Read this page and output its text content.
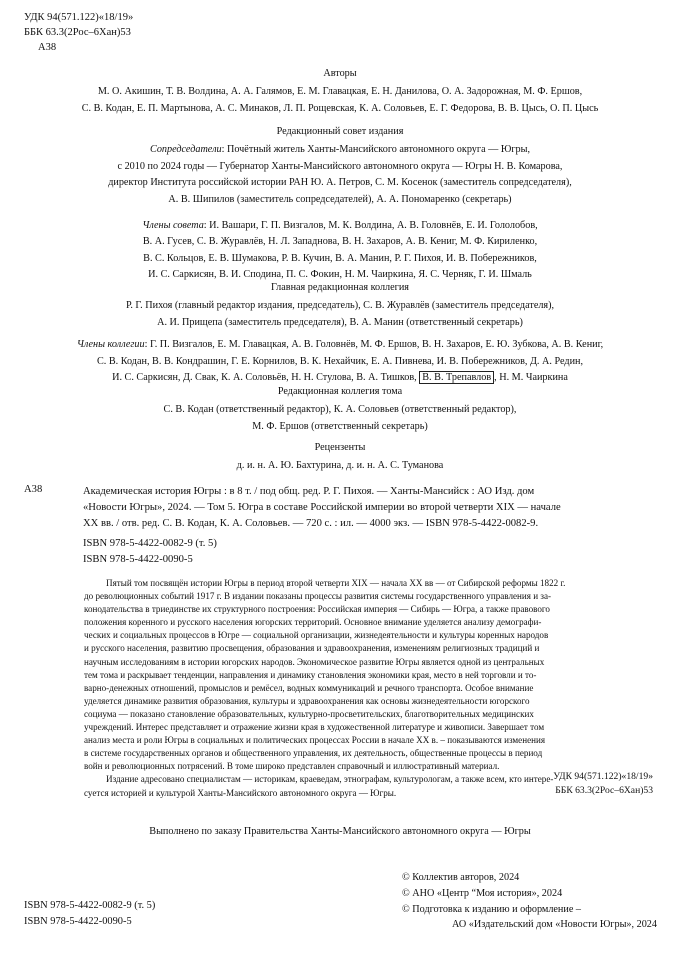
УДК 94(571.122)«18/19»
ББК 63.3(2Рос–6Хан)53
А38
Авторы
М. О. Акишин, Т. В. Волдина, А. А. Галямов, Е. М. Главацкая, Е. Н. Данилова, О. А. Задорожная, М. Ф. Ершов,
С. В. Кодан, Е. П. Мартынова, А. С. Минаков, Л. П. Рощевская, К. А. Соловьев, Е. Г. Федорова, В. В. Цысь, О. П. Цысь
Редакционный совет издания
Сопредседатели: Почётный житель Ханты-Мансийского автономного округа — Югры,
с 2010 по 2024 годы — Губернатор Ханты-Мансийского автономного округа — Югры Н. В. Комарова,
директор Института российской истории РАН Ю. А. Петров, С. М. Косенок (заместитель сопредседателя),
А. В. Шипилов (заместитель сопредседателей), А. А. Пономаренко (секретарь)
Члены совета: И. Вашари, Г. П. Визгалов, М. К. Волдина, А. В. Головнёв, Е. И. Гололобов,
В. А. Гусев, С. В. Журавлёв, Н. Л. Западнова, В. Н. Захаров, А. В. Кениг, М. Ф. Кириленко,
В. С. Кольцов, Е. В. Шумакова, Р. В. Кучин, В. А. Манин, Р. Г. Пихоя, И. В. Побережников,
И. С. Саркисян, В. И. Сподина, П. С. Фокин, Н. М. Чаиркина, Я. С. Черняк, Г. И. Шмаль
Главная редакционная коллегия
Р. Г. Пихоя (главный редактор издания, председатель), С. В. Журавлёв (заместитель председателя),
А. И. Прищепа (заместитель председателя), В. А. Манин (ответственный секретарь)
Члены коллегии: Г. П. Визгалов, Е. М. Главацкая, А. В. Головнёв, М. Ф. Ершов, В. Н. Захаров, Е. Ю. Зубкова, А. В. Кениг,
С. В. Кодан, В. В. Кондрашин, Г. Е. Корнилов, В. К. Нехайчик, Е. А. Пивнева, И. В. Побережников, Д. А. Редин,
И. С. Саркисян, Д. Свак, К. А. Соловьёв, Н. Н. Стулова, В. А. Тишков, В. В. Трепавлов , Н. М. Чаиркина
Редакционная коллегия тома
С. В. Кодан (ответственный редактор), К. А. Соловьев (ответственный редактор),
М. Ф. Ершов (ответственный секретарь)
Рецензенты
д. и. н. А. Ю. Бахтурина, д. и. н. А. С. Туманова
А38	Академическая история Югры : в 8 т. / под общ. ред. Р. Г. Пихоя. — Ханты-Мансийск : АО Изд. дом
«Новости Югры», 2024. — Том 5. Югра в составе Российской империи во второй четверти XIX — начале
XX вв. / отв. ред. С. В. Кодан, К. А. Соловьев. — 720 с. : ил. — 4000 экз. — ISBN 978-5-4422-0082-9.
ISBN 978-5-4422-0082-9 (т. 5)
ISBN 978-5-4422-0090-5
Пятый том посвящён истории Югры в период второй четверти XIX — начала XX вв — от Сибирской реформы 1822 г.
до революционных событий 1917 г. В издании показаны процессы развития системы государственного управления и за-
конодательства в триединстве их структурного построения: Российская империя — Сибирь — Югра, а также правового
положения коренного и русского населения югорских территорий. Основное внимание уделяется анализу демографи-
ческих и социальных процессов в Югре — социальной организации, жизнедеятельности и культуры коренных народов
и русского населения, развитию просвещения, образования и здравоохранения, изменениям религиозных традиций и
научным исследованиям в истории югорских народов. Экономическое развитие Югры является одной из центральных
тем тома и раскрывает тенденции, направления и динамику становления экономики края, место в ней торговли и то-
варно-денежных отношений, промыслов и ремёсел, водных коммуникаций и речного транспорта. Особое внимание
уделяется динамике развития образования, культуры и здравоохранения как основы жизнедеятельности югорского
социума — показано становление образовательных, культурно-просветительских, благотворительных медицинских
учреждений. Интерес представляет и отражение жизни края в художественной литературе и живописи. Завершает том
анализ места и роли Югры в социальных и политических процессах России в начале XX в. – показываются изменения
в системе государственных органов и общественного управления, их деятельность, общественные процессы в период
войн и революционных потрясений. В томе широко представлен справочный и иллюстративный материал.
Издание адресовано специалистам — историкам, краеведам, этнографам, культурологам, а также всем, кто интере-
суется историей и культурой Ханты-Мансийского автономного округа — Югры.
УДК 94(571.122)«18/19»
ББК 63.3(2Рос–6Хан)53
Выполнено по заказу Правительства Ханты-Мансийского автономного округа — Югры
© Коллектив авторов, 2024
© АНО «Центр “Моя история», 2024
© Подготовка к изданию и оформление –
АО «Издательский дом «Новости Югры», 2024
ISBN 978-5-4422-0082-9 (т. 5)
ISBN 978-5-4422-0090-5
